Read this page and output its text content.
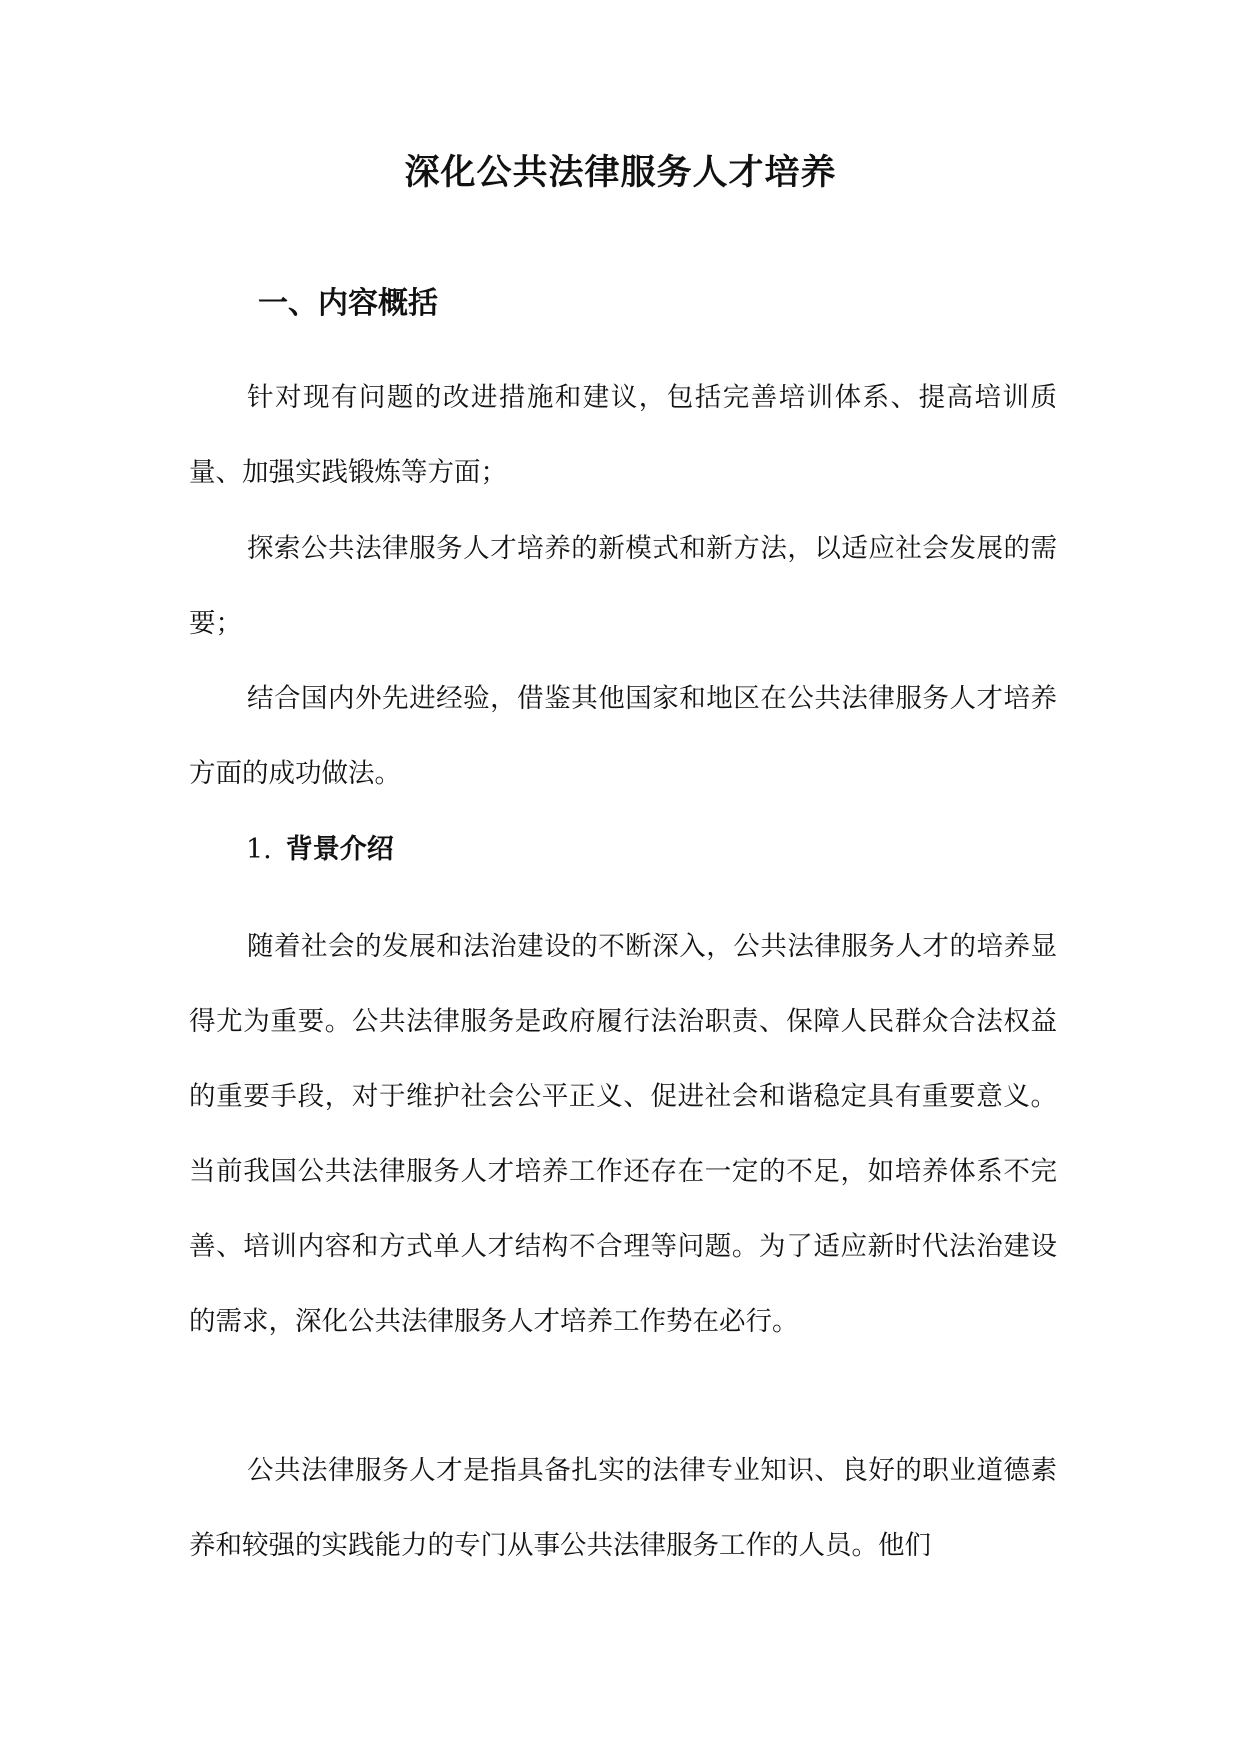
深化公共法律服务人才培养
一、内容概括

针对现有问题的改进措施和建议，包括完善培训体系、提高培训质量、加强实践锻炼等方面；

探索公共法律服务人才培养的新模式和新方法，以适应社会发展的需要；

结合国内外先进经验，借鉴其他国家和地区在公共法律服务人才培养方面的成功做法。

1. 背景介绍

随着社会的发展和法治建设的不断深入，公共法律服务人才的培养显得尤为重要。公共法律服务是政府履行法治职责、保障人民群众合法权益的重要手段，对于维护社会公平正义、促进社会和谐稳定具有重要意义。当前我国公共法律服务人才培养工作还存在一定的不足，如培养体系不完善、培训内容和方式单人才结构不合理等问题。为了适应新时代法治建设的需求，深化公共法律服务人才培养工作势在必行。

公共法律服务人才是指具备扎实的法律专业知识、良好的职业道德素养和较强的实践能力的专门从事公共法律服务工作的人员。他们
